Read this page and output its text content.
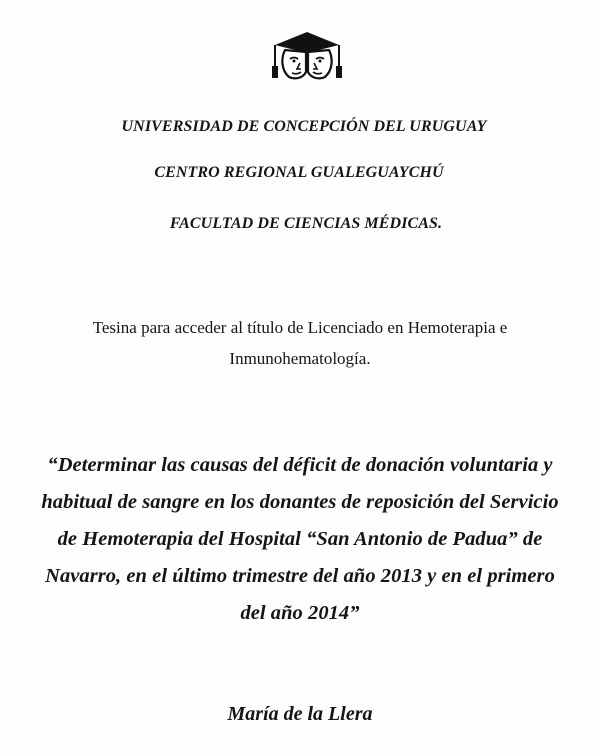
UNIVERSIDAD DE CONCEPCIÓN DEL URUGUAY
CENTRO REGIONAL GUALEGUAYCHÚ
FACULTAD DE CIENCIAS MÉDICAS.
Tesina para acceder al título de Licenciado en Hemoterapia e
Inmunohematología.
“Determinar las causas del déficit de donación voluntaria y
habitual de sangre en los donantes de reposición del Servicio
de Hemoterapia del Hospital “San Antonio de Padua” de
Navarro, en el último trimestre del año 2013 y en el primero
del año 2014”
María de la Llera
